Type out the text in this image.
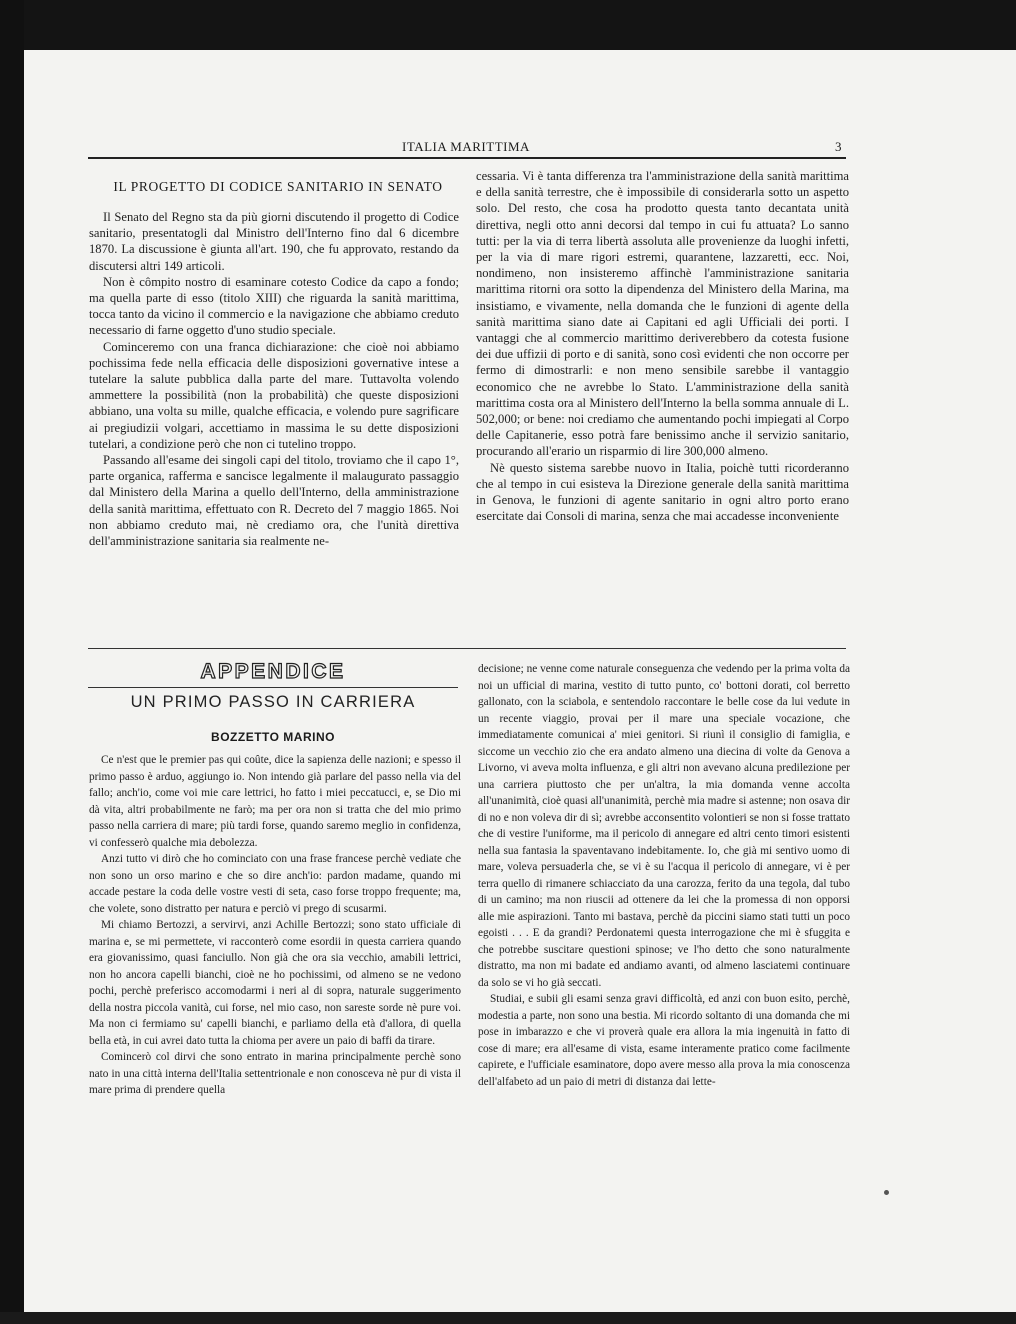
ITALIA MARITTIMA	3
IL PROGETTO DI CODICE SANITARIO IN SENATO

Il Senato del Regno sta da più giorni discutendo il progetto di Codice sanitario, presentatogli dal Ministro dell'Interno fino dal 6 dicembre 1870. La discussione è giunta all'art. 190, che fu approvato, restando da discutersi altri 149 articoli.

Non è cômpito nostro di esaminare cotesto Codice da capo a fondo; ma quella parte di esso (titolo XIII) che riguarda la sanità marittima, tocca tanto da vicino il commercio e la navigazione che abbiamo creduto necessario di farne oggetto d'uno studio speciale.

Cominceremo con una franca dichiarazione: che cioè noi abbiamo pochissima fede nella efficacia delle disposizioni governative intese a tutelare la salute pubblica dalla parte del mare. Tuttavolta volendo ammettere la possibilità (non la probabilità) che queste disposizioni abbiano, una volta su mille, qualche efficacia, e volendo pure sagrificare ai pregiudizii volgari, accettiamo in massima le su dette disposizioni tutelari, a condizione però che non ci tutelino troppo.

Passando all'esame dei singoli capi del titolo, troviamo che il capo 1°, parte organica, rafferma e sancisce legalmente il malaugurato passaggio dal Ministero della Marina a quello dell'Interno, della amministrazione della sanità marittima, effettuato con R. Decreto del 7 maggio 1865. Noi non abbiamo creduto mai, nè crediamo ora, che l'unità direttiva dell'amministrazione sanitaria sia realmente ne-

cessaria. Vi è tanta differenza tra l'amministrazione della sanità marittima e della sanità terrestre, che è impossibile di considerarla sotto un aspetto solo. Del resto, che cosa ha prodotto questa tanto decantata unità direttiva, negli otto anni decorsi dal tempo in cui fu attuata? Lo sanno tutti: per la via di terra libertà assoluta alle provenienze da luoghi infetti, per la via di mare rigori estremi, quarantene, lazzaretti, ecc. Noi, nondimeno, non insisteremo affinchè l'amministrazione sanitaria marittima ritorni ora sotto la dipendenza del Ministero della Marina, ma insistiamo, e vivamente, nella domanda che le funzioni di agente della sanità marittima siano date ai Capitani ed agli Ufficiali dei porti. I vantaggi che al commercio marittimo deriverebbero da cotesta fusione dei due uffizii di porto e di sanità, sono così evidenti che non occorre per fermo di dimostrarli: e non meno sensibile sarebbe il vantaggio economico che ne avrebbe lo Stato. L'amministrazione della sanità marittima costa ora al Ministero dell'Interno la bella somma annuale di L. 502,000; or bene: noi crediamo che aumentando pochi impiegati al Corpo delle Capitanerie, esso potrà fare benissimo anche il servizio sanitario, procurando all'erario un risparmio di lire 300,000 almeno.

Nè questo sistema sarebbe nuovo in Italia, poichè tutti ricorderanno che al tempo in cui esisteva la Direzione generale della sanità marittima in Genova, le funzioni di agente sanitario in ogni altro porto erano esercitate dai Consoli di marina, senza che mai accadesse inconveniente

APPENDICE
UN PRIMO PASSO IN CARRIERA
BOZZETTO MARINO

Ce n'est que le premier pas qui coûte, dice la sapienza delle nazioni; e spesso il primo passo è arduo, aggiungo io. Non intendo già parlare del passo nella via del fallo; anch'io, come voi mie care lettrici, ho fatto i miei peccatucci, e, se Dio mi dà vita, altri probabilmente ne farò; ma per ora non si tratta che del mio primo passo nella carriera di mare; più tardi forse, quando saremo meglio in confidenza, vi confesserò qualche mia debolezza.

Anzi tutto vi dirò che ho cominciato con una frase francese perchè vediate che non sono un orso marino e che so dire anch'io: pardon madame, quando mi accade pestare la coda delle vostre vesti di seta, caso forse troppo frequente; ma, che volete, sono distratto per natura e perciò vi prego di scusarmi.

Mi chiamo Bertozzi, a servirvi, anzi Achille Bertozzi; sono stato ufficiale di marina e, se mi permettete, vi racconterò come esordii in questa carriera quando era giovanissimo, quasi fanciullo. Non già che ora sia vecchio, amabili lettrici, non ho ancora capelli bianchi, cioè ne ho pochissimi, od almeno se ne vedono pochi, perchè preferisco accomodarmi i neri al di sopra, naturale suggerimento della nostra piccola vanità, cui forse, nel mio caso, non sareste sorde nè pure voi. Ma non ci fermiamo su' capelli bianchi, e parliamo della età d'allora, di quella bella età, in cui avrei dato tutta la chioma per avere un paio di baffi da tirare.

Comincerò col dirvi che sono entrato in marina principalmente perchè sono nato in una città interna dell'Italia settentrionale e non conosceva nè pur di vista il mare prima di prendere quella

decisione; ne venne come naturale conseguenza che vedendo per la prima volta da noi un ufficial di marina, vestito di tutto punto, co' bottoni dorati, col berretto gallonato, con la sciabola, e sentendolo raccontare le belle cose da lui vedute in un recente viaggio, provai per il mare una speciale vocazione, che immediatamente comunicai a' miei genitori. Si riunì il consiglio di famiglia, e siccome un vecchio zio che era andato almeno una diecina di volte da Genova a Livorno, vi aveva molta influenza, e gli altri non avevano alcuna predilezione per una carriera piuttosto che per un'altra, la mia domanda venne accolta all'unanimità, cioè quasi all'unanimità, perchè mia madre si astenne; non osava dir di no e non voleva dir di sì; avrebbe acconsentito volontieri se non si fosse trattato che di vestire l'uniforme, ma il pericolo di annegare ed altri cento timori esistenti nella sua fantasia la spaventavano indebitamente. Io, che già mi sentivo uomo di mare, voleva persuaderla che, se vi è su l'acqua il pericolo di annegare, vi è per terra quello di rimanere schiacciato da una carozza, ferito da una tegola, dal tubo di un camino; ma non riuscii ad ottenere da lei che la promessa di non opporsi alle mie aspirazioni. Tanto mi bastava, perchè da piccini siamo stati tutti un poco egoisti . . . E da grandi? Perdonatemi questa interrogazione che mi è sfuggita e che potrebbe suscitare questioni spinose; ve l'ho detto che sono naturalmente distratto, ma non mi badate ed andiamo avanti, od almeno lasciatemi continuare da solo se vi ho già seccati.

Studiai, e subii gli esami senza gravi difficoltà, ed anzi con buon esito, perchè, modestia a parte, non sono una bestia. Mi ricordo soltanto di una domanda che mi pose in imbarazzo e che vi proverà quale era allora la mia ingenuità in fatto di cose di mare; era all'esame di vista, esame interamente pratico come facilmente capirete, e l'ufficiale esaminatore, dopo avere messo alla prova la mia conoscenza dell'alfabeto ad un paio di metri di distanza dai lette-
